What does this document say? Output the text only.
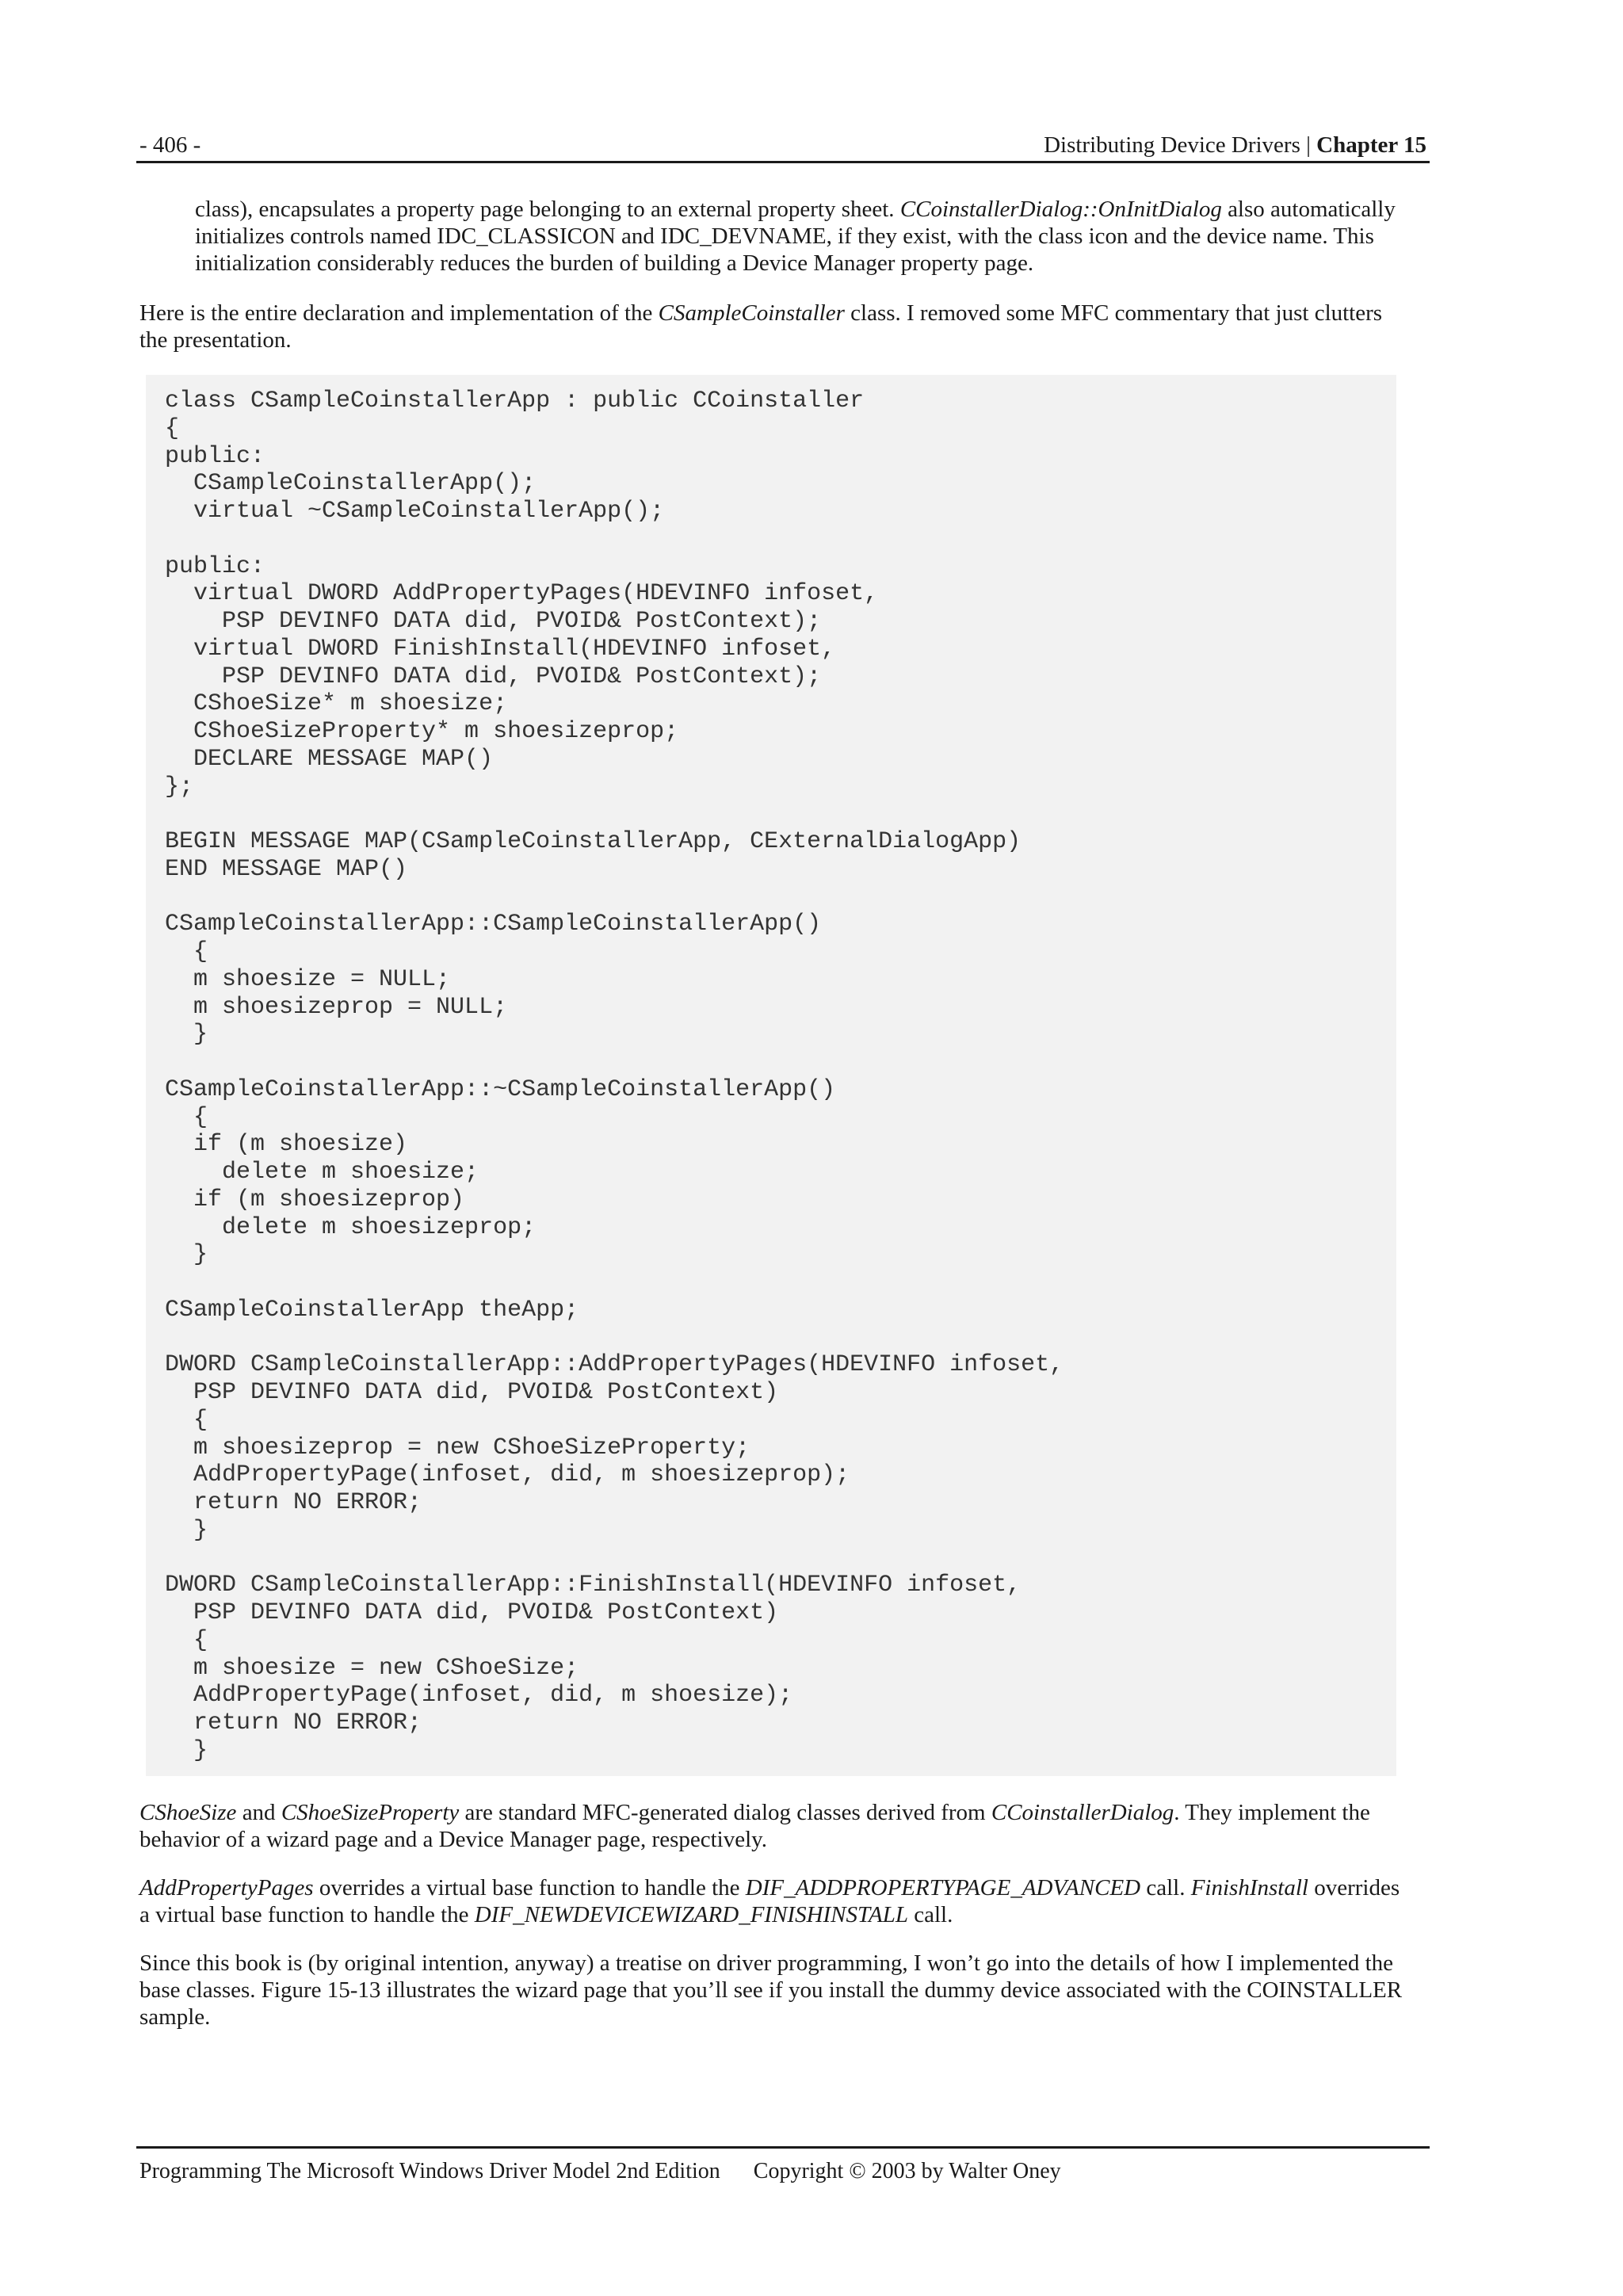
- 406 -	Distributing Device Drivers | Chapter 15

class), encapsulates a property page belonging to an external property sheet. CCoinstallerDialog::OnInitDialog also automatically initializes controls named IDC_CLASSICON and IDC_DEVNAME, if they exist, with the class icon and the device name. This initialization considerably reduces the burden of building a Device Manager property page.

Here is the entire declaration and implementation of the CSampleCoinstaller class. I removed some MFC commentary that just clutters the presentation.

class CSampleCoinstallerApp : public CCoinstaller
{
public:
CSampleCoinstallerApp();
virtual ~CSampleCoinstallerApp();

public:
virtual DWORD AddPropertyPages(HDEVINFO infoset,
PSP DEVINFO DATA did, PVOID& PostContext);
virtual DWORD FinishInstall(HDEVINFO infoset,
PSP DEVINFO DATA did, PVOID& PostContext);
CShoeSize* m shoesize;
CShoeSizeProperty* m shoesizeprop;
DECLARE MESSAGE MAP()
};

BEGIN MESSAGE MAP(CSampleCoinstallerApp, CExternalDialogApp)
END MESSAGE MAP()

CSampleCoinstallerApp::CSampleCoinstallerApp()
{
m shoesize = NULL;
m shoesizeprop = NULL;
}

CSampleCoinstallerApp::~CSampleCoinstallerApp()
{
if (m shoesize)
delete m shoesize;
if (m shoesizeprop)
delete m shoesizeprop;
}

CSampleCoinstallerApp theApp;

DWORD CSampleCoinstallerApp::AddPropertyPages(HDEVINFO infoset,
PSP DEVINFO DATA did, PVOID& PostContext)
{
m shoesizeprop = new CShoeSizeProperty;
AddPropertyPage(infoset, did, m shoesizeprop);
return NO ERROR;
}

DWORD CSampleCoinstallerApp::FinishInstall(HDEVINFO infoset,
PSP DEVINFO DATA did, PVOID& PostContext)
{
m shoesize = new CShoeSize;
AddPropertyPage(infoset, did, m shoesize);
return NO ERROR;
}

CShoeSize and CShoeSizeProperty are standard MFC-generated dialog classes derived from CCoinstallerDialog. They implement the behavior of a wizard page and a Device Manager page, respectively.

AddPropertyPages overrides a virtual base function to handle the DIF_ADDPROPERTYPAGE_ADVANCED call. FinishInstall overrides a virtual base function to handle the DIF_NEWDEVICEWIZARD_FINISHINSTALL call.

Since this book is (by original intention, anyway) a treatise on driver programming, I won’t go into the details of how I implemented the base classes. Figure 15-13 illustrates the wizard page that you’ll see if you install the dummy device associated with the COINSTALLER sample.

Programming The Microsoft Windows Driver Model 2nd Edition Copyright © 2003 by Walter Oney
